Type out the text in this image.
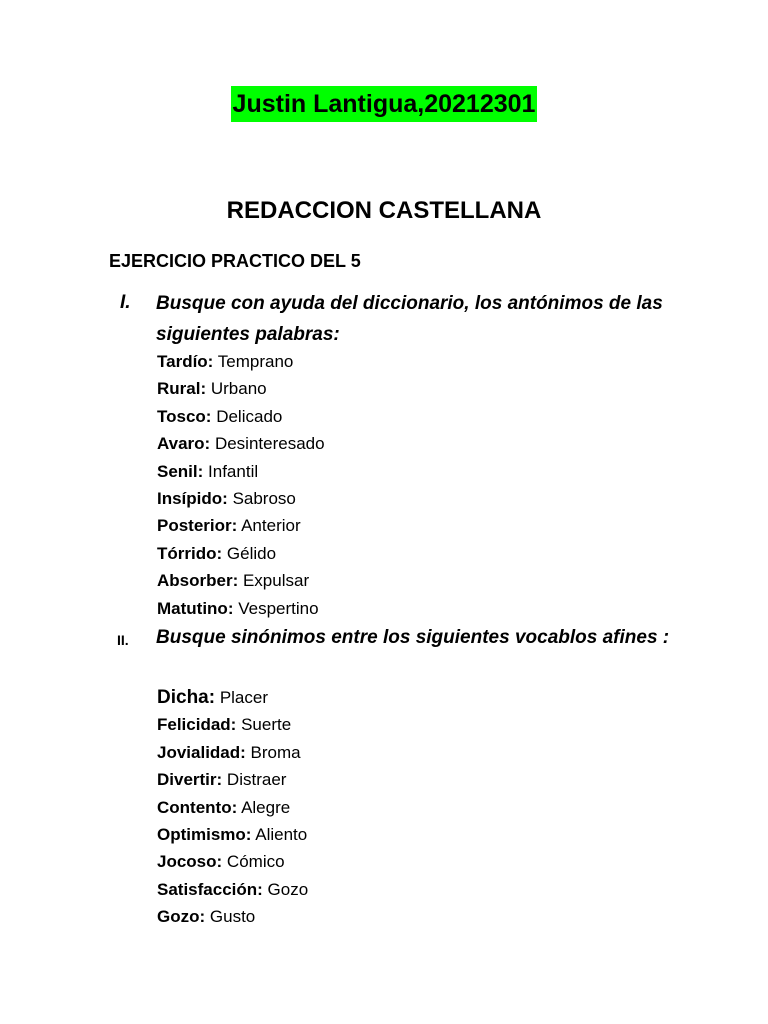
Justin Lantigua,20212301
REDACCION CASTELLANA
EJERCICIO PRACTICO DEL 5
I. Busque con ayuda del diccionario, los antónimos de las siguientes palabras:
Tardío: Temprano
Rural: Urbano
Tosco: Delicado
Avaro: Desinteresado
Senil: Infantil
Insípido: Sabroso
Posterior: Anterior
Tórrido: Gélido
Absorber: Expulsar
Matutino: Vespertino
II. Busque sinónimos entre los siguientes vocablos afines :
Dicha: Placer
Felicidad: Suerte
Jovialidad: Broma
Divertir: Distraer
Contento: Alegre
Optimismo: Aliento
Jocoso: Cómico
Satisfacción: Gozo
Gozo: Gusto
